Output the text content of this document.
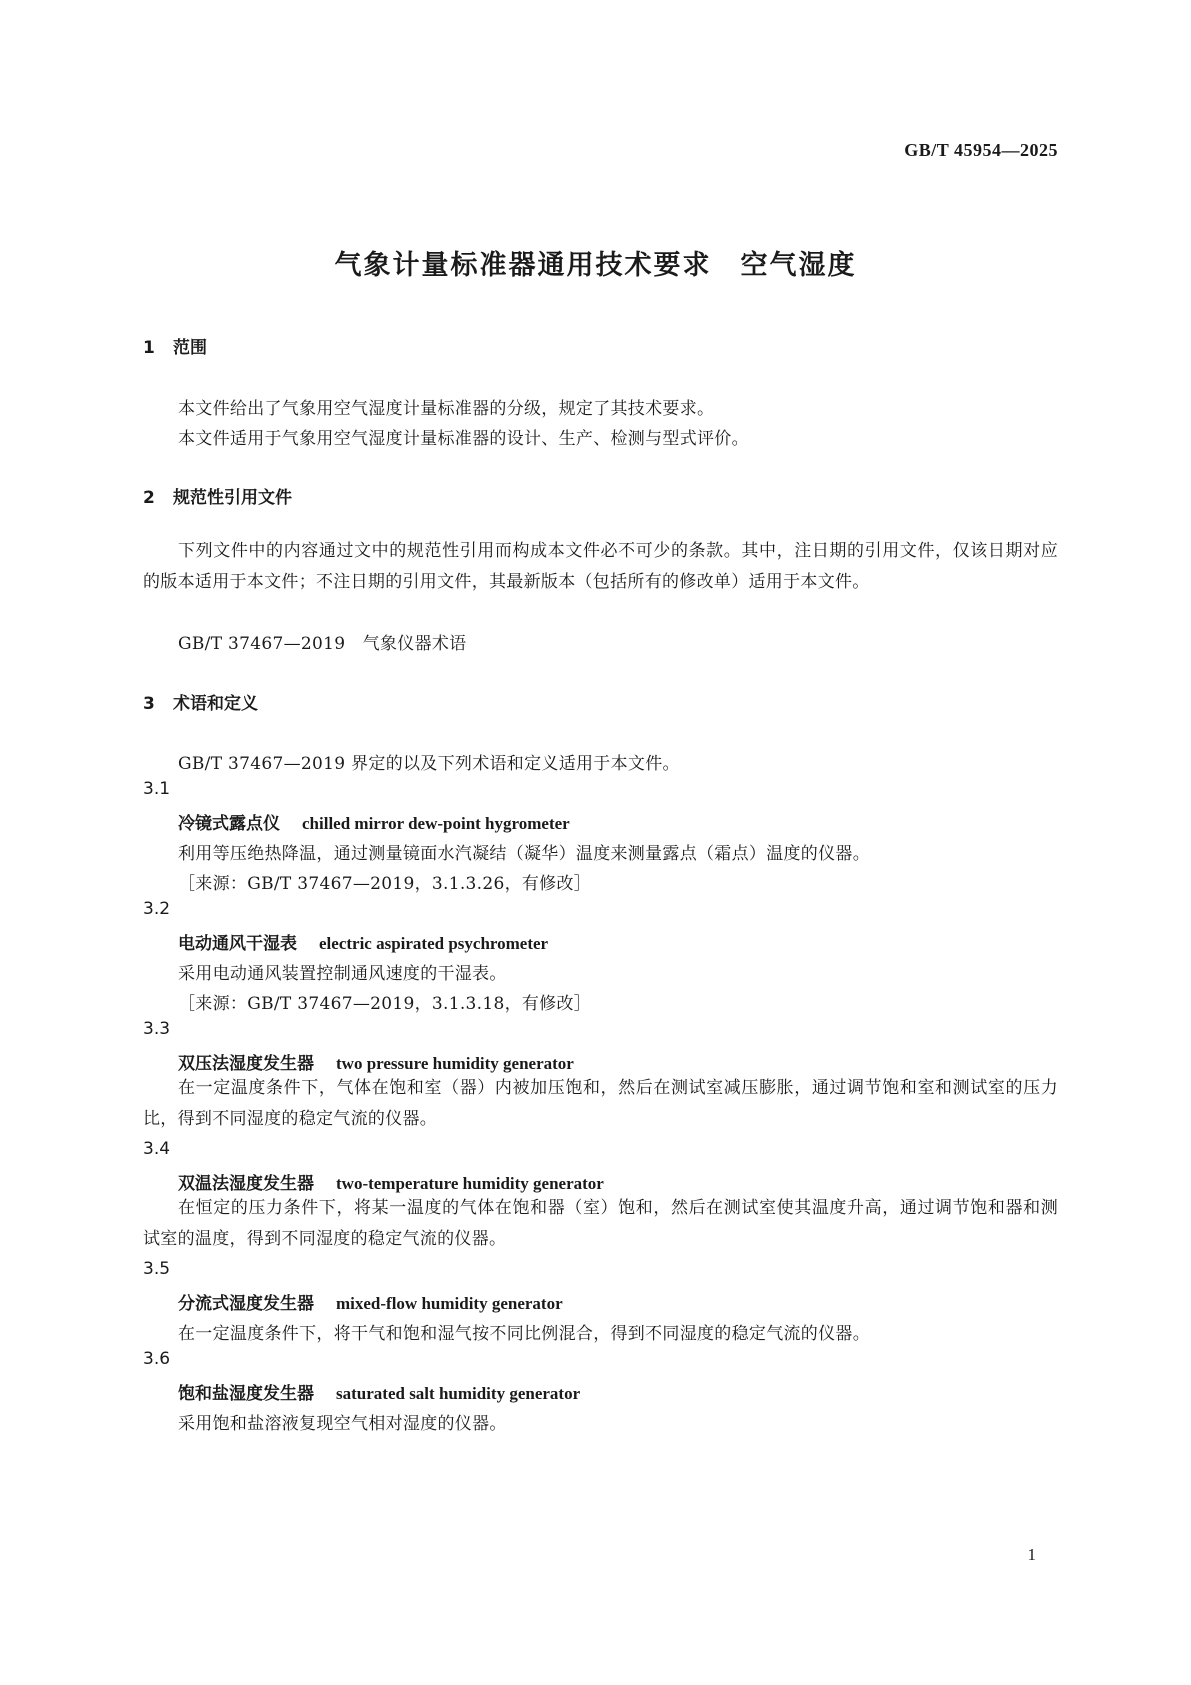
GB/T 45954—2025
气象计量标准器通用技术要求　空气湿度
1 范围
本文件给出了气象用空气湿度计量标准器的分级，规定了其技术要求。
本文件适用于气象用空气湿度计量标准器的设计、生产、检测与型式评价。
2 规范性引用文件
下列文件中的内容通过文中的规范性引用而构成本文件必不可少的条款。其中，注日期的引用文件，仅该日期对应的版本适用于本文件；不注日期的引用文件，其最新版本（包括所有的修改单）适用于本文件。
GB/T 37467—2019　气象仪器术语
3 术语和定义
GB/T 37467—2019 界定的以及下列术语和定义适用于本文件。
3.1
冷镜式露点仪 chilled mirror dew-point hygrometer
利用等压绝热降温，通过测量镜面水汽凝结（凝华）温度来测量露点（霜点）温度的仪器。
［来源：GB/T 37467—2019，3.1.3.26，有修改］
3.2
电动通风干湿表 electric aspirated psychrometer
采用电动通风装置控制通风速度的干湿表。
［来源：GB/T 37467—2019，3.1.3.18，有修改］
3.3
双压法湿度发生器 two pressure humidity generator
在一定温度条件下，气体在饱和室（器）内被加压饱和，然后在测试室减压膨胀，通过调节饱和室和测试室的压力比，得到不同湿度的稳定气流的仪器。
3.4
双温法湿度发生器 two-temperature humidity generator
在恒定的压力条件下，将某一温度的气体在饱和器（室）饱和，然后在测试室使其温度升高，通过调节饱和器和测试室的温度，得到不同湿度的稳定气流的仪器。
3.5
分流式湿度发生器 mixed-flow humidity generator
在一定温度条件下，将干气和饱和湿气按不同比例混合，得到不同湿度的稳定气流的仪器。
3.6
饱和盐湿度发生器 saturated salt humidity generator
采用饱和盐溶液复现空气相对湿度的仪器。
1
